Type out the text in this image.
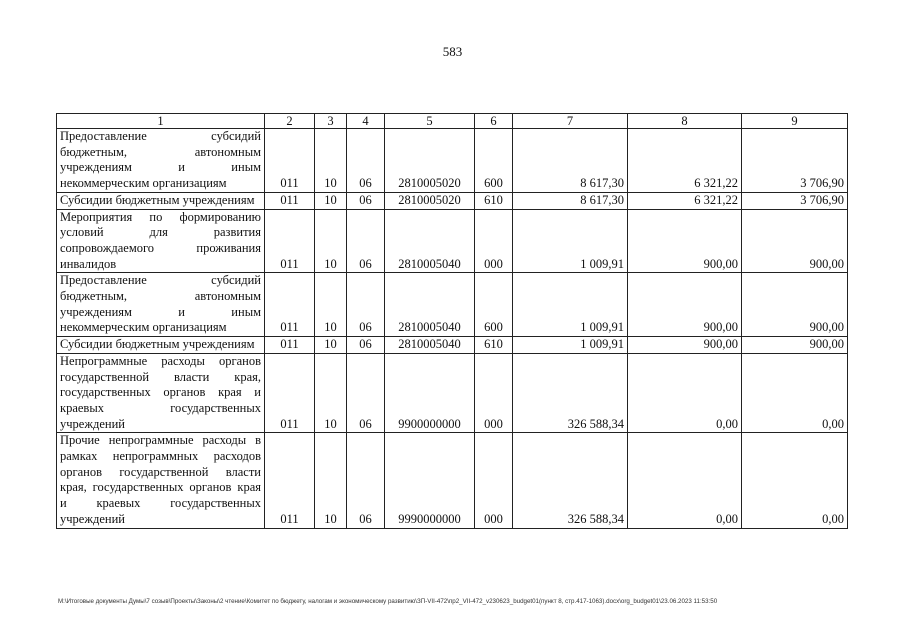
583
1	2	3	4	5	6	7	8	9
Предоставление субсидий бюджетным, автономным учреждениям и иным некоммерческим организациям	011	10	06	2810005020	600	8 617,30	6 321,22	3 706,90
Субсидии бюджетным учреждениям	011	10	06	2810005020	610	8 617,30	6 321,22	3 706,90
Мероприятия по формированию условий для развития сопровождаемого проживания инвалидов	011	10	06	2810005040	000	1 009,91	900,00	900,00
Предоставление субсидий бюджетным, автономным учреждениям и иным некоммерческим организациям	011	10	06	2810005040	600	1 009,91	900,00	900,00
Субсидии бюджетным учреждениям	011	10	06	2810005040	610	1 009,91	900,00	900,00
Непрограммные расходы органов государственной власти края, государственных органов края и краевых государственных учреждений	011	10	06	9900000000	000	326 588,34	0,00	0,00
Прочие непрограммные расходы в рамках непрограммных расходов органов государственной власти края, государственных органов края и краевых государственных учреждений	011	10	06	9990000000	000	326 588,34	0,00	0,00
М:\Итоговые документы Думы\7 созыв\Проекты\Законы\2 чтение\Комитет по бюджету, налогам и экономическому развитию\ЗП-VII-472\пр2_VII-472_v230623_budget01(пункт 8, стр.417-1063).docx\org_budget01\23.06.2023 11:53:50
